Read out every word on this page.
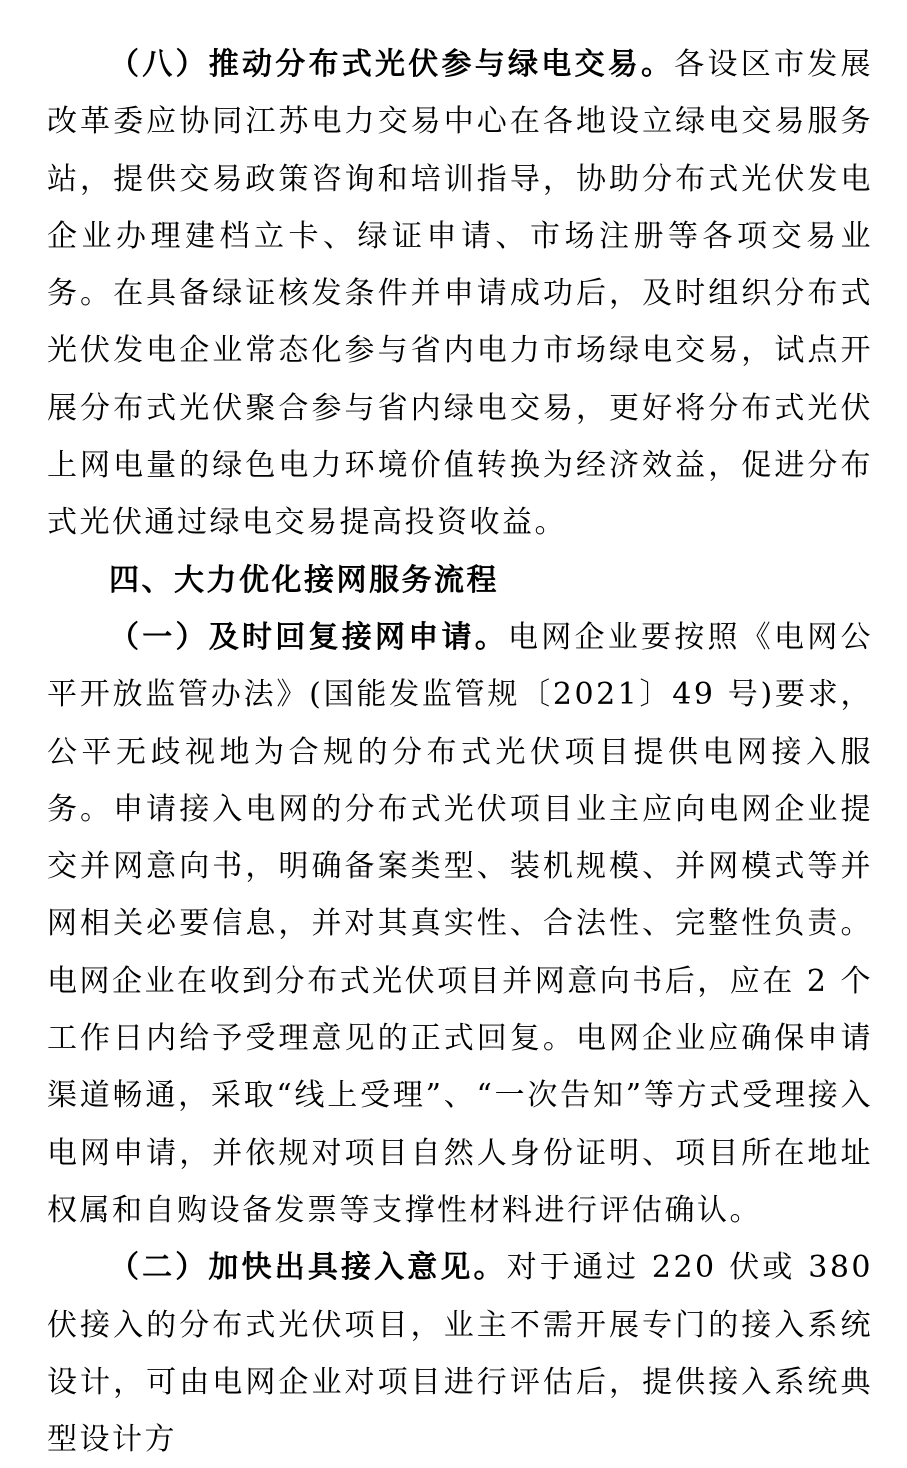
（八）推动分布式光伏参与绿电交易。各设区市发展改革委应协同江苏电力交易中心在各地设立绿电交易服务站，提供交易政策咨询和培训指导，协助分布式光伏发电企业办理建档立卡、绿证申请、市场注册等各项交易业务。在具备绿证核发条件并申请成功后，及时组织分布式光伏发电企业常态化参与省内电力市场绿电交易，试点开展分布式光伏聚合参与省内绿电交易，更好将分布式光伏上网电量的绿色电力环境价值转换为经济效益，促进分布式光伏通过绿电交易提高投资收益。

四、大力优化接网服务流程

（一）及时回复接网申请。电网企业要按照《电网公平开放监管办法》(国能发监管规〔2021〕49 号)要求，公平无歧视地为合规的分布式光伏项目提供电网接入服务。申请接入电网的分布式光伏项目业主应向电网企业提交并网意向书，明确备案类型、装机规模、并网模式等并网相关必要信息，并对其真实性、合法性、完整性负责。电网企业在收到分布式光伏项目并网意向书后，应在 2 个工作日内给予受理意见的正式回复。电网企业应确保申请渠道畅通，采取“线上受理”、“一次告知”等方式受理接入电网申请，并依规对项目自然人身份证明、项目所在地址权属和自购设备发票等支撑性材料进行评估确认。

（二）加快出具接入意见。对于通过 220 伏或 380 伏接入的分布式光伏项目，业主不需开展专门的接入系统设计，可由电网企业对项目进行评估后，提供接入系统典型设计方
